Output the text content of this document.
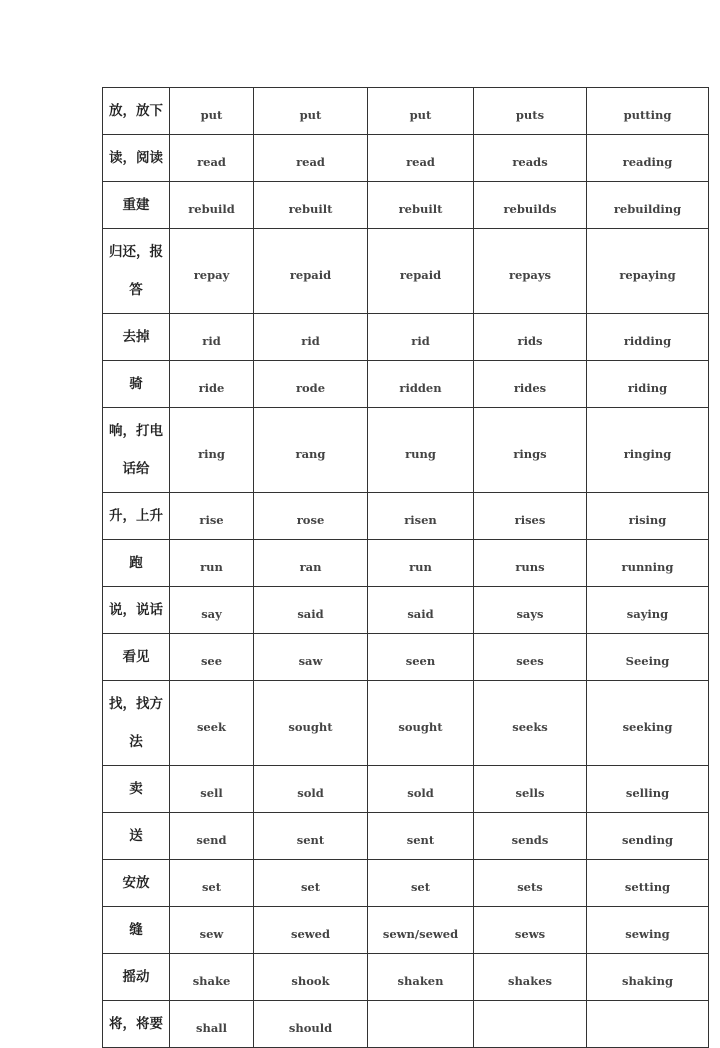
放，放下	put	put	put	puts	putting
读，阅读	read	read	read	reads	reading
重建	rebuild	rebuilt	rebuilt	rebuilds	rebuilding
归还，报答	repay	repaid	repaid	repays	repaying
去掉	rid	rid	rid	rids	ridding
骑	ride	rode	ridden	rides	riding
响，打电话给	ring	rang	rung	rings	ringing
升，上升	rise	rose	risen	rises	rising
跑	run	ran	run	runs	running
说，说话	say	said	said	says	saying
看见	see	saw	seen	sees	Seeing
找，找方法	seek	sought	sought	seeks	seeking
卖	sell	sold	sold	sells	selling
送	send	sent	sent	sends	sending
安放	set	set	set	sets	setting
缝	sew	sewed	sewn/sewed	sews	sewing
摇动	shake	shook	shaken	shakes	shaking
将，将要	shall	should			
